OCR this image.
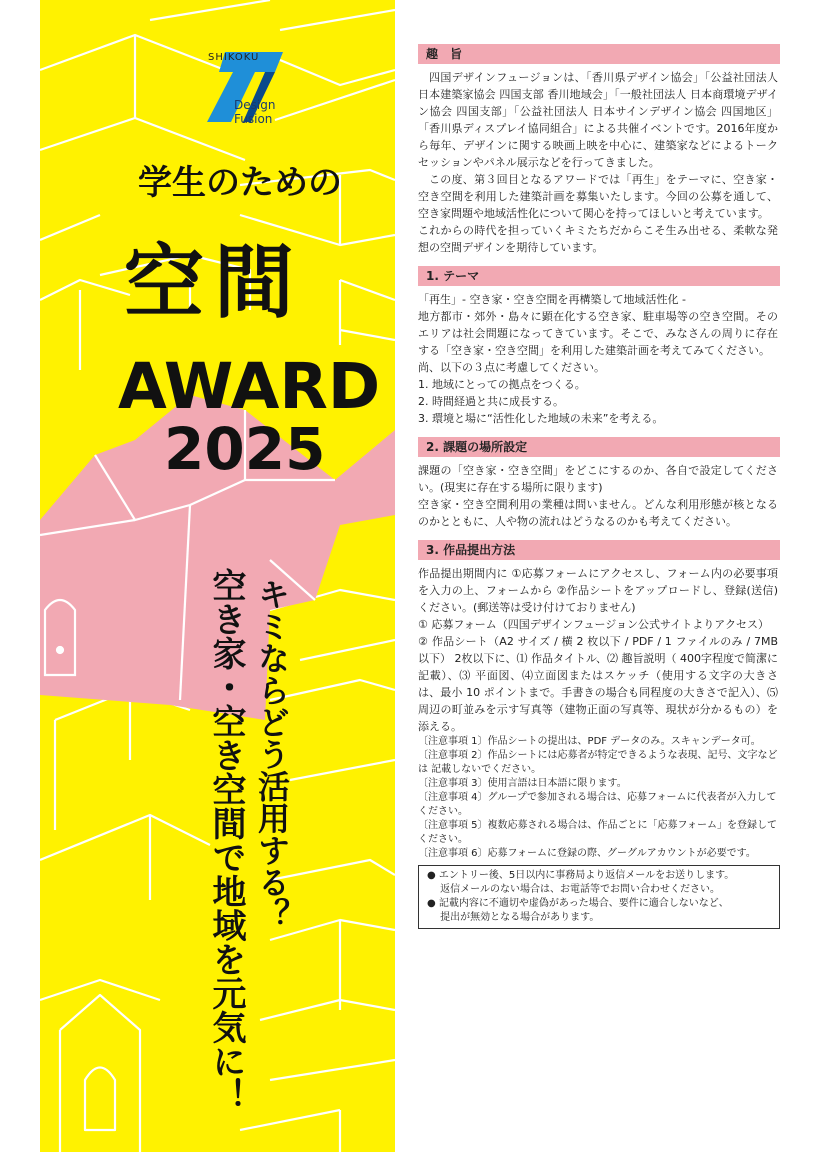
SHIKOKU
Design
Fusion
学生のための
空間
AWARD
2025
キミならどう活用する？
空き家・空き空間で地域を元気に！
趣　旨

四国デザインフュージョンは、「香川県デザイン協会」「公益社団法人 日本建築家協会 四国支部 香川地域会」「一般社団法人 日本商環境デザイン協会 四国支部」「公益社団法人 日本サインデザイン協会 四国地区」「香川県ディスプレイ協同組合」による共催イベントです。2016年度から毎年、デザインに関する映画上映を中心に、建築家などによるトークセッションやパネル展示などを行ってきました。

この度、第３回目となるアワードでは「再生」をテーマに、空き家・空き空間を利用した建築計画を募集いたします。今回の公募を通して、空き家問題や地域活性化について関心を持ってほしいと考えています。

これからの時代を担っていくキミたちだからこそ生み出せる、柔軟な発想の空間デザインを期待しています。

1. テーマ

「再生」- 空き家・空き空間を再構築して地域活性化 -

地方都市・郊外・島々に顕在化する空き家、駐車場等の空き空間。そのエリアは社会問題になってきています。そこで、みなさんの周りに存在する「空き家・空き空間」を利用した建築計画を考えてみてください。

尚、以下の３点に考慮してください。

1. 地域にとっての拠点をつくる。

2. 時間経過と共に成長する。

3. 環境と場に“活性化した地域の未来”を考える。

2. 課題の場所設定

課題の「空き家・空き空間」をどこにするのか、各自で設定してください。(現実に存在する場所に限ります)

空き家・空き空間利用の業種は問いません。どんな利用形態が核となるのかとともに、人や物の流れはどうなるのかも考えてください。

3. 作品提出方法

作品提出期間内に ①応募フォームにアクセスし、フォーム内の必要事項を入力の上、フォームから ②作品シートをアップロードし、登録(送信)ください。(郵送等は受け付けておりません)

① 応募フォーム（四国デザインフュージョン公式サイトよりアクセス）

② 作品シート（A2 サイズ / 横 2 枚以下 / PDF / 1 ファイルのみ / 7MB 以下） 2枚以下に、⑴ 作品タイトル、⑵ 趣旨説明（ 400字程度で简潔に記載）、⑶ 平面図、⑷立面図またはスケッチ（使用する文字の大きさは、最小 10 ポイントまで。手書きの場合も同程度の大きさで記入）、⑸ 周辺の町並みを示す写真等（建物正面の写真等、現状が分かるもの）を添える。

〔注意事項 1〕作品シートの提出は、PDF データのみ。スキャンデータ可。

〔注意事項 2〕作品シートには応募者が特定できるような表現、記号、文字などは 記載しないでください。

〔注意事項 3〕使用言語は日本語に限ります。

〔注意事項 4〕グループで参加される場合は、応募フォームに代表者が入力してください。

〔注意事項 5〕複数応募される場合は、作品ごとに「応募フォーム」を登録してください。

〔注意事項 6〕応募フォームに登録の際、グーグルアカウントが必要です。

● エントリー後、5日以内に事務局より返信メールをお送りします。

　 返信メールのない場合は、お電話等でお問い合わせください。

● 記載内容に不適切や虚偽があった場合、要件に適合しないなど、

　 提出が無効となる場合があります。
